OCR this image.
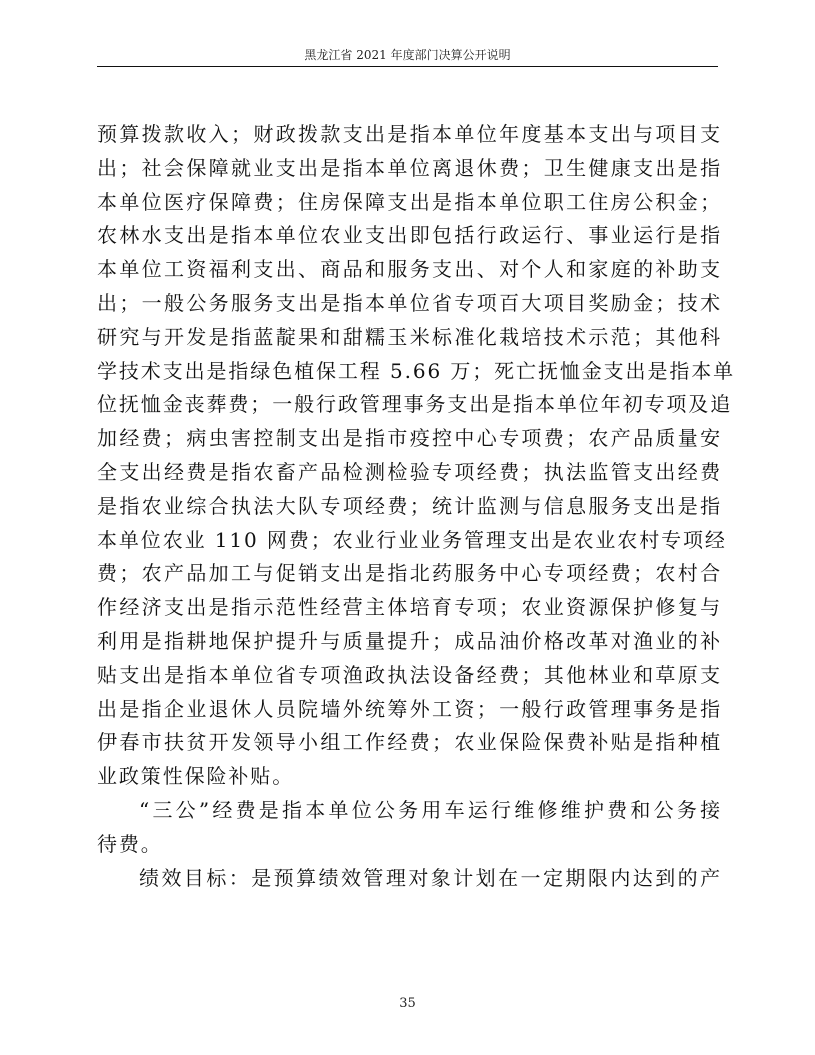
黑龙江省 2021 年度部门决算公开说明
预算拨款收入；财政拨款支出是指本单位年度基本支出与项目支
出；社会保障就业支出是指本单位离退休费；卫生健康支出是指
本单位医疗保障费；住房保障支出是指本单位职工住房公积金；
农林水支出是指本单位农业支出即包括行政运行、事业运行是指
本单位工资福利支出、商品和服务支出、对个人和家庭的补助支
出；一般公务服务支出是指本单位省专项百大项目奖励金；技术
研究与开发是指蓝靛果和甜糯玉米标准化栽培技术示范；其他科
学技术支出是指绿色植保工程 5.66 万；死亡抚恤金支出是指本单
位抚恤金丧葬费；一般行政管理事务支出是指本单位年初专项及追
加经费；病虫害控制支出是指市疫控中心专项费；农产品质量安
全支出经费是指农畜产品检测检验专项经费；执法监管支出经费
是指农业综合执法大队专项经费；统计监测与信息服务支出是指
本单位农业 110 网费；农业行业业务管理支出是农业农村专项经
费；农产品加工与促销支出是指北药服务中心专项经费；农村合
作经济支出是指示范性经营主体培育专项；农业资源保护修复与
利用是指耕地保护提升与质量提升；成品油价格改革对渔业的补
贴支出是指本单位省专项渔政执法设备经费；其他林业和草原支
出是指企业退休人员院墙外统筹外工资；一般行政管理事务是指
伊春市扶贫开发领导小组工作经费；农业保险保费补贴是指种植
业政策性保险补贴。
“三公”经费是指本单位公务用车运行维修维护费和公务接
待费。
绩效目标：是预算绩效管理对象计划在一定期限内达到的产
35
